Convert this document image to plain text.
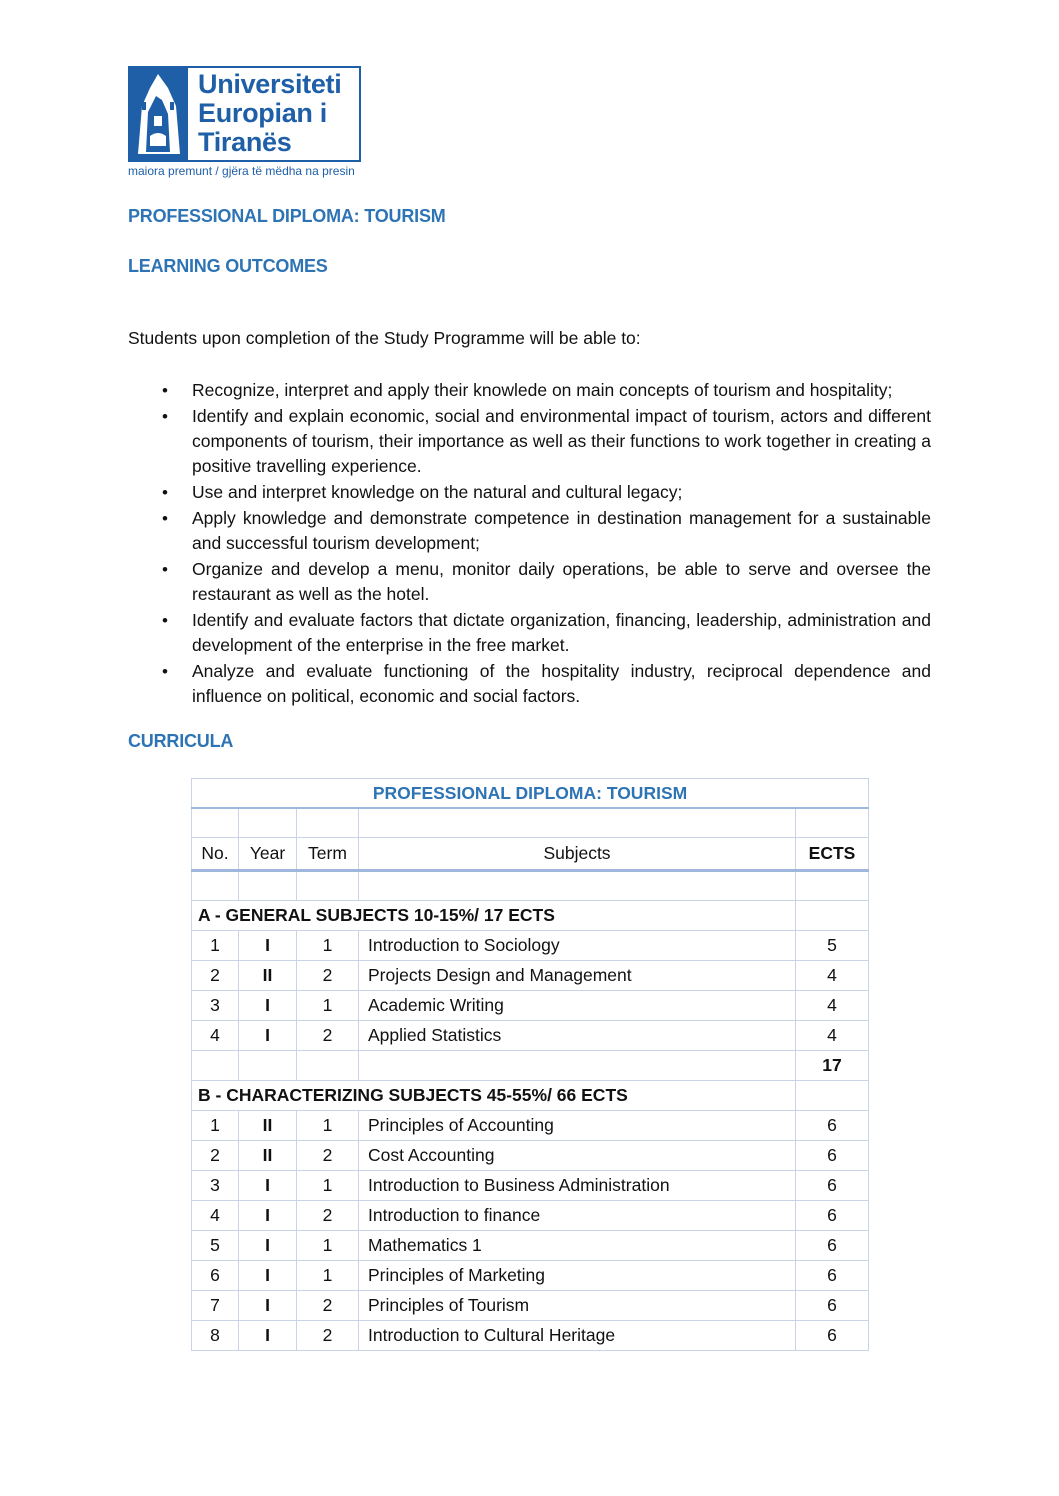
Universiteti
Europian i
Tiranës
maiora premunt / gjëra të mëdha na presin
PROFESSIONAL DIPLOMA: TOURISM
LEARNING OUTCOMES
Students upon completion of the Study Programme will be able to:
• Recognize, interpret and apply their knowlede on main concepts of tourism and hospitality;
• Identify and explain economic, social and environmental impact of tourism, actors and different components of tourism, their importance as well as their functions to work together in creating a positive travelling experience.
• Use and interpret knowledge on the natural and cultural legacy;
• Apply knowledge and demonstrate competence in destination management for a sustainable and successful tourism development;
• Organize and develop a menu, monitor daily operations, be able to serve and oversee the restaurant as well as the hotel.
• Identify and evaluate factors that dictate organization, financing, leadership, administration and development of the enterprise in the free market.
• Analyze and evaluate functioning of the hospitality industry, reciprocal dependence and influence on political, economic and social factors.
CURRICULA
PROFESSIONAL DIPLOMA: TOURISM				

No.	Year	Term	Subjects	ECTS

A - GENERAL SUBJECTS 10-15%/ 17 ECTS				
1	I	1	Introduction to Sociology	5
2	II	2	Projects Design and Management	4
3	I	1	Academic Writing	4
4	I	2	Applied Statistics	4
				17
B - CHARACTERIZING SUBJECTS 45-55%/ 66 ECTS				
1	II	1	Principles of Accounting	6
2	II	2	Cost Accounting	6
3	I	1	Introduction to Business Administration	6
4	I	2	Introduction to finance	6
5	I	1	Mathematics 1	6
6	I	1	Principles of Marketing	6
7	I	2	Principles of Tourism	6
8	I	2	Introduction to Cultural Heritage	6
